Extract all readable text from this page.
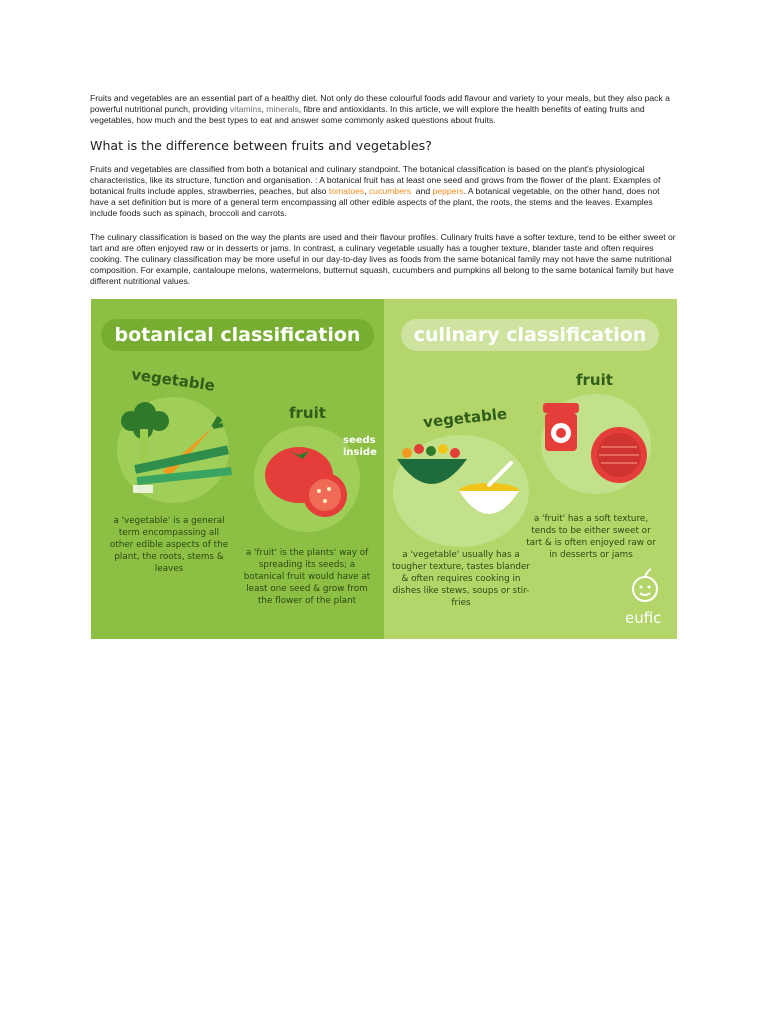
Fruits and vegetables are an essential part of a healthy diet. Not only do these colourful foods add flavour and variety to your meals, but they also pack a powerful nutritional punch, providing vitamins, minerals, fibre and antioxidants. In this article, we will explore the health benefits of eating fruits and vegetables, how much and the best types to eat and answer some commonly asked questions about fruits.

What is the difference between fruits and vegetables?

Fruits and vegetables are classified from both a botanical and culinary standpoint. The botanical classification is based on the plant's physiological characteristics, like its structure, function and organisation. : A botanical fruit has at least one seed and grows from the flower of the plant. Examples of botanical fruits include apples, strawberries, peaches, but also tomatoes, cucumbers  and peppers. A botanical vegetable, on the other hand, does not have a set definition but is more of a general term encompassing all other edible aspects of the plant, the roots, the stems and the leaves. Examples include foods such as spinach, broccoli and carrots.

The culinary classification is based on the way the plants are used and their flavour profiles. Culinary fruits have a softer texture, tend to be either sweet or tart and are often enjoyed raw or in desserts or jams. In contrast, a culinary vegetable usually has a tougher texture, blander taste and often requires cooking. The culinary classification may be more useful in our day-to-day lives as foods from the same botanical family may not have the same nutritional composition. For example, cantaloupe melons, watermelons, butternut squash, cucumbers and pumpkins all belong to the same botanical family but have different nutritional values.

botanical classification	culinary classification
vegetable
a 'vegetable' is a general term encompassing all other edible aspects of the plant, the roots, stems & leaves
fruit
seeds inside
a 'fruit' is the plants' way of spreading its seeds; a botanical fruit would have at least one seed & grow from the flower of the plant
vegetable
a 'vegetable' usually has a tougher texture, tastes blander & often requires cooking in dishes like stews, soups or stir-fries
fruit
a 'fruit' has a soft texture, tends to be either sweet or tart & is often enjoyed raw or in desserts or jams
eufic
